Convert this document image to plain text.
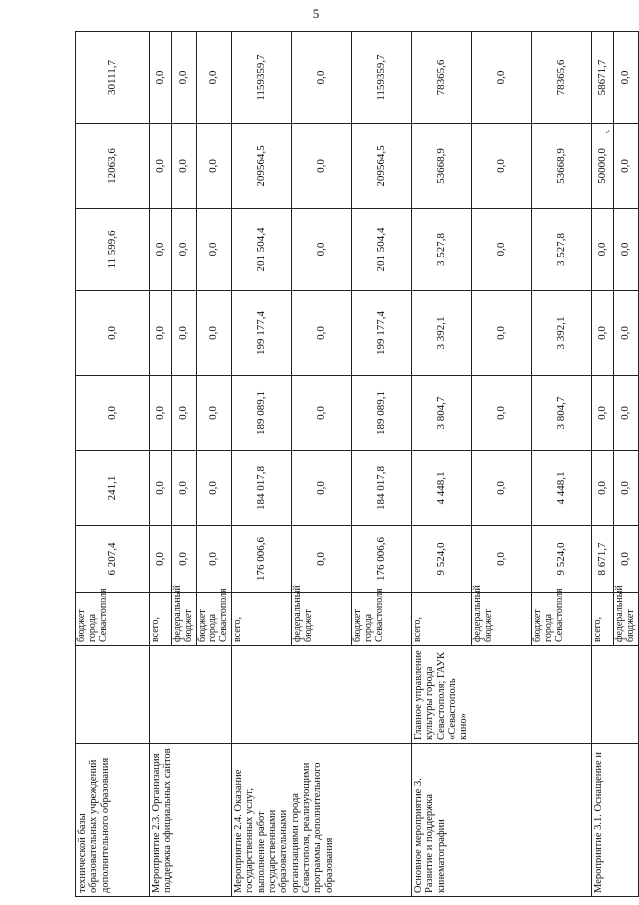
5
‘‘
технической базы образовательных учреждений дополнительного образования		бюджет города Севастополя	6 207,4	241,1	0,0	0,0	11 599,6	12063,6	30111,7
Мероприятие 2.3. Организация поддержка официальных сайтов		всего,	0,0	0,0	0,0	0,0	0,0	0,0	0,0
		федеральный бюджет	0,0	0,0	0,0	0,0	0,0	0,0	0,0
		бюджет города Севастополя	0,0	0,0	0,0	0,0	0,0	0,0	0,0
Мероприятие 2.4. Оказание государственных услуг, выполнение работ государственными образовательными организациями города Севастополя, реализующими программы дополнительного образования		всего,	176 006,6	184 017,8	189 089,1	199 177,4	201 504,4	209564,5	1159359,7
		федеральный бюджет	0,0	0,0	0,0	0,0	0,0	0,0	0,0
		бюджет города Севастополя	176 006,6	184 017,8	189 089,1	199 177,4	201 504,4	209564,5	1159359,7
Основное мероприятие 3. Развитие и поддержка кинематографии	Главное управление культуры города Севастополя; ГАУК «Севастополь кино»	всего,	9 524,0	4 448,1	3 804,7	3 392,1	3 527,8	53668,9	78365,6
		федеральный бюджет	0,0	0,0	0,0	0,0	0,0	0,0	0,0
		бюджет города Севастополя	9 524,0	4 448,1	3 804,7	3 392,1	3 527,8	53668,9	78365,6
Мероприятие 3.1. Оснащение и		всего,	8 671,7	0,0	0,0	0,0	0,0	50000,0	58671,7
		федеральный бюджет	0,0	0,0	0,0	0,0	0,0	0,0	0,0
